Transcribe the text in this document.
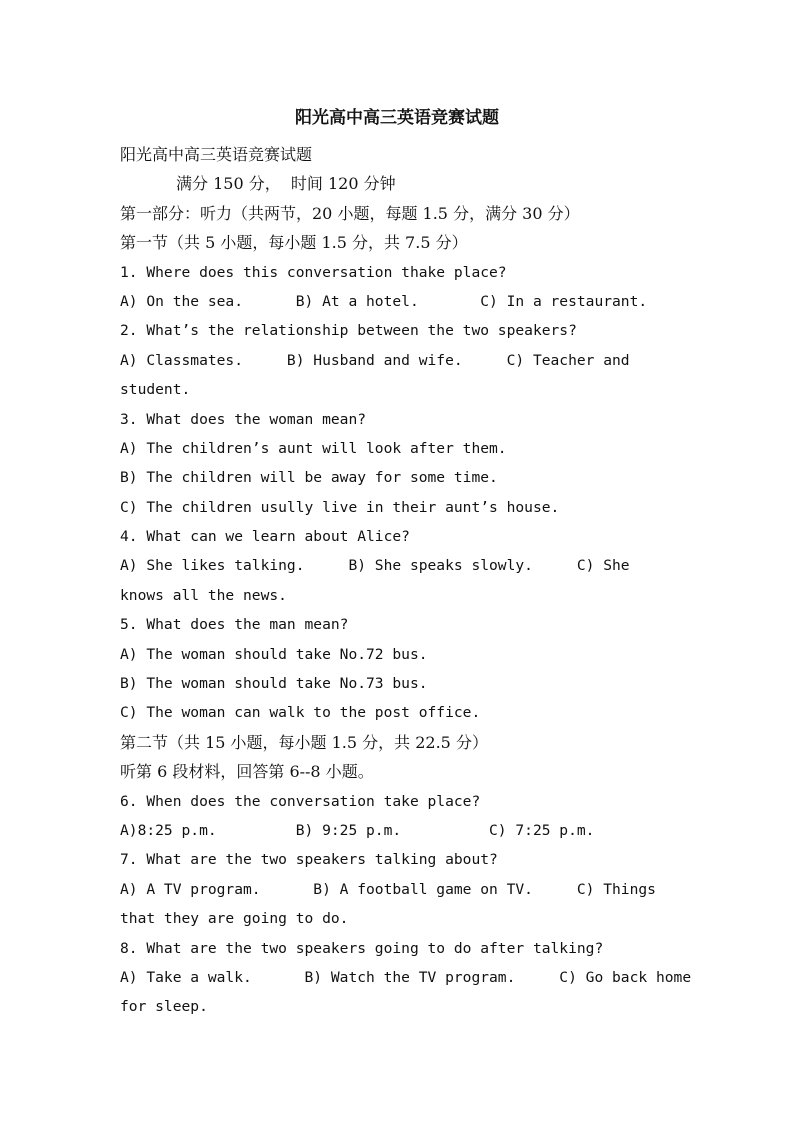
阳光高中高三英语竞赛试题
阳光高中高三英语竞赛试题
满分 150 分，  时间 120 分钟
第一部分：听力（共两节，20 小题，每题 1.5 分，满分 30 分）
第一节（共 5 小题，每小题 1.5 分，共 7.5 分）
1. Where does this conversation thake place?
A) On the sea.      B) At a hotel.       C) In a restaurant.
2. What’s the relationship between the two speakers?
A) Classmates.     B) Husband and wife.     C) Teacher and
student.
3. What does the woman mean?
A) The children’s aunt will look after them.
B) The children will be away for some time.
C) The children usully live in their aunt’s house.
4. What can we learn about Alice?
A) She likes talking.     B) She speaks slowly.     C) She
knows all the news.
5. What does the man mean?
A) The woman should take No.72 bus.
B) The woman should take No.73 bus.
C) The woman can walk to the post office.
第二节（共 15 小题，每小题 1.5 分，共 22.5 分）
听第 6 段材料，回答第 6--8 小题。
6. When does the conversation take place?
A)8:25 p.m.         B) 9:25 p.m.          C) 7:25 p.m.
7. What are the two speakers talking about?
A) A TV program.      B) A football game on TV.     C) Things
that they are going to do.
8. What are the two speakers going to do after talking?
A) Take a walk.      B) Watch the TV program.     C) Go back home
for sleep.
